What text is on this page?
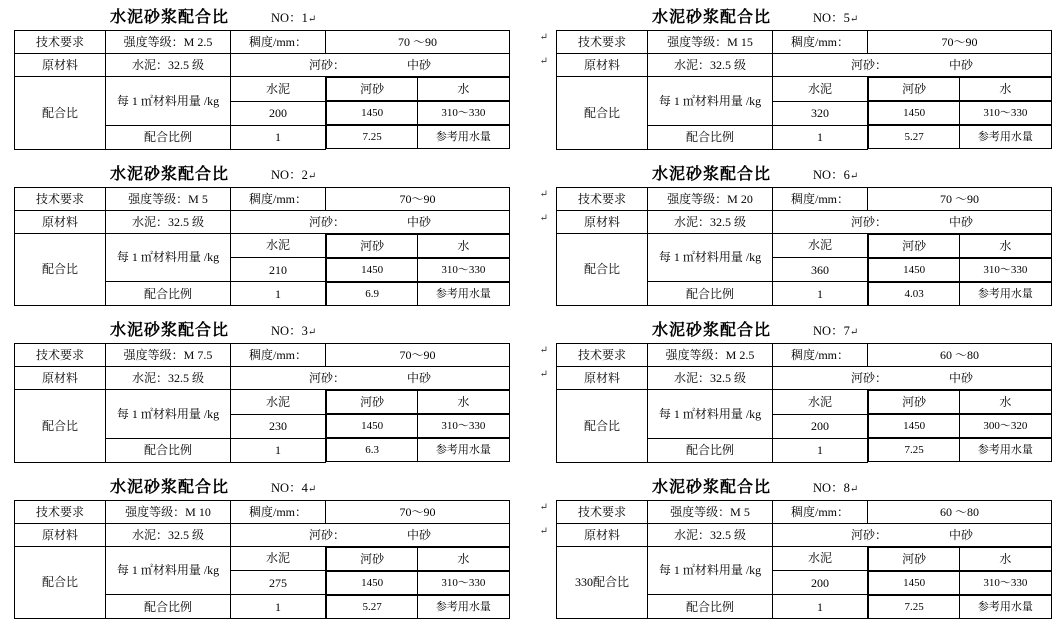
水泥砂浆配合比	NO：1 ↵
技术要求	强度等级：M 2.5	稠度/mm：	70 ～90
原材料	水泥：32.5 级	河砂：	中砂
配合比	每 1 ㎡材料用量 /kg	水泥		河砂	水

200		1450	310～330

配合比例	1		7.25	参考用水量
↵
↵
水泥砂浆配合比	NO：5 ↵
技术要求	强度等级：M 15	稠度/mm：	70～90
原材料	水泥：32.5 级	河砂：	中砂
配合比	每 1 ㎡材料用量 /kg	水泥		河砂	水

320		1450	310～330

配合比例	1		5.27	参考用水量
水泥砂浆配合比	NO：2 ↵
技术要求	强度等级：M 5	稠度/mm：	70～90
原材料	水泥：32.5 级	河砂：	中砂
配合比	每 1 ㎡材料用量 /kg	水泥		河砂	水

210		1450	310～330

配合比例	1		6.9	参考用水量
↵
↵
水泥砂浆配合比	NO：6 ↵
技术要求	强度等级：M 20	稠度/mm：	70 ～90
原材料	水泥：32.5 级	河砂：	中砂
配合比	每 1 ㎡材料用量 /kg	水泥		河砂	水

360		1450	310～330

配合比例	1		4.03	参考用水量
水泥砂浆配合比	NO：3 ↵
技术要求	强度等级：M 7.5	稠度/mm：	70～90
原材料	水泥：32.5 级	河砂：	中砂
配合比	每 1 ㎡材料用量 /kg	水泥		河砂	水

230		1450	310～330

配合比例	1		6.3	参考用水量
↵
↵
水泥砂浆配合比	NO：7 ↵
技术要求	强度等级：M 2.5	稠度/mm：	60 ～80
原材料	水泥：32.5 级	河砂：	中砂
配合比	每 1 ㎡材料用量 /kg	水泥		河砂	水

200		1450	300～320

配合比例	1		7.25	参考用水量
水泥砂浆配合比	NO：4 ↵
技术要求	强度等级：M 10	稠度/mm：	70～90
原材料	水泥：32.5 级	河砂：	中砂
配合比	每 1 ㎡材料用量 /kg	水泥		河砂	水

275		1450	310～330

配合比例	1		5.27	参考用水量
↵
↵
水泥砂浆配合比	NO：8 ↵
技术要求	强度等级：M 5	稠度/mm：	60 ～80
原材料	水泥：32.5 级	河砂：	中砂
330配合比	每 1 ㎡材料用量 /kg	水泥		河砂	水

200		1450	310～330

配合比例	1		7.25	参考用水量
